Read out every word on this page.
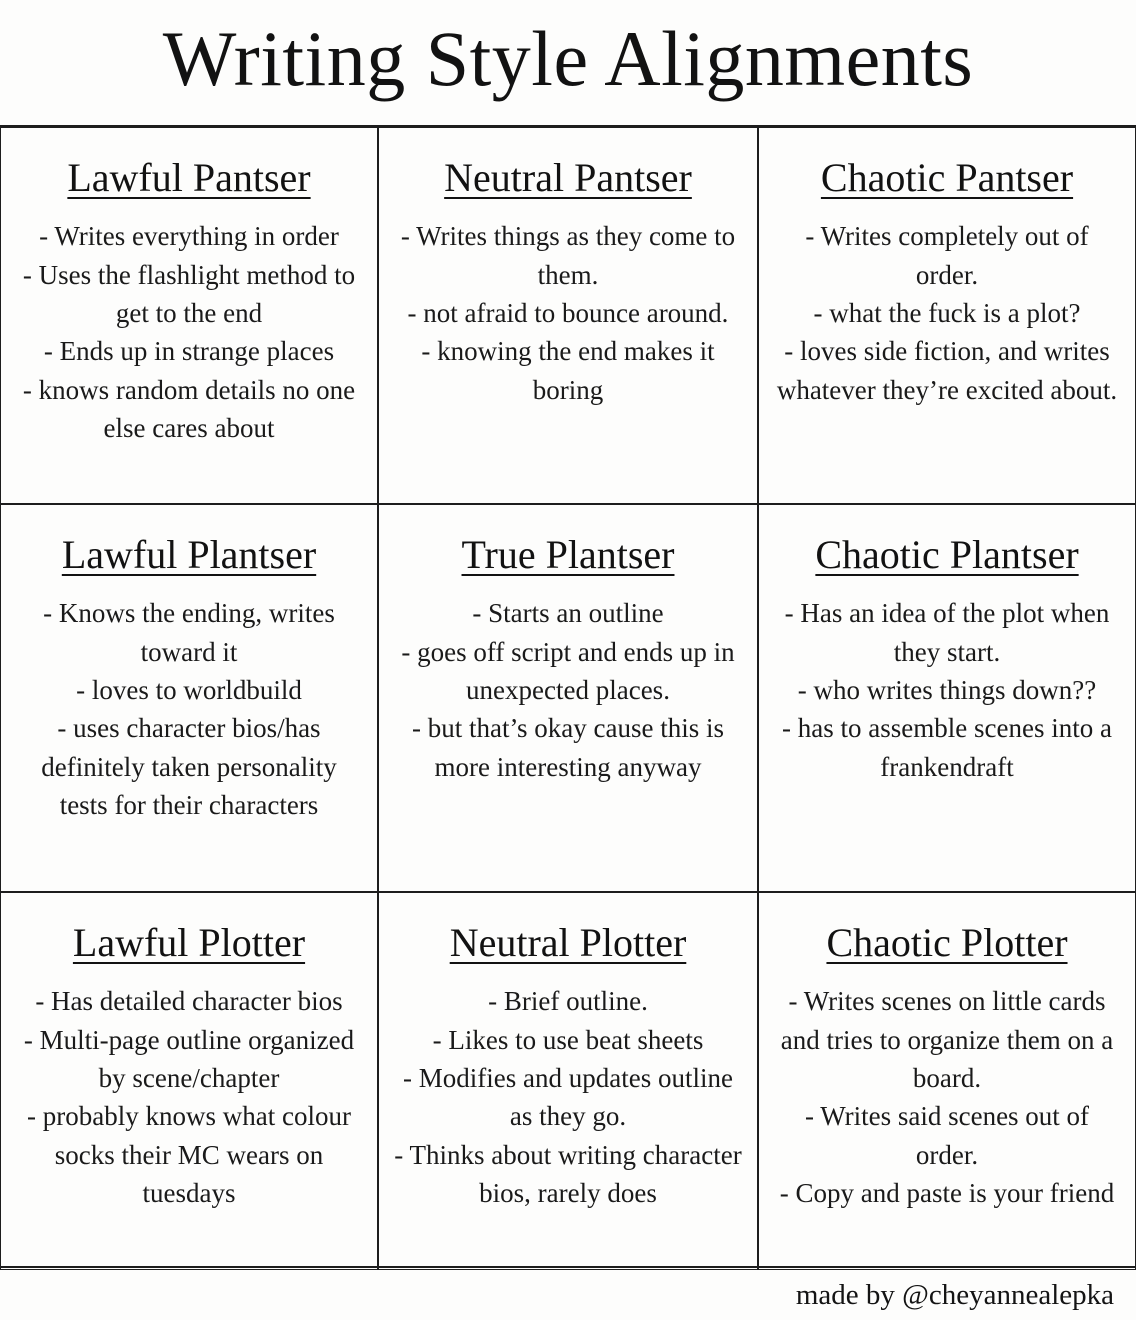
Writing Style Alignments
Lawful Pantser
- Writes everything in order
- Uses the flashlight method to get to the end
- Ends up in strange places
- knows random details no one else cares about
Neutral Pantser
- Writes things as they come to them.
- not afraid to bounce around.
- knowing the end makes it boring
Chaotic Pantser
- Writes completely out of order.
- what the fuck is a plot?
- loves side fiction, and writes whatever they’re excited about.
Lawful Plantser
- Knows the ending, writes toward it
- loves to worldbuild
- uses character bios/has definitely taken personality tests for their characters
True Plantser
- Starts an outline
- goes off script and ends up in unexpected places.
- but that’s okay cause this is more interesting anyway
Chaotic Plantser
- Has an idea of the plot when they start.
- who writes things down??
- has to assemble scenes into a frankendraft
Lawful Plotter
- Has detailed character bios
- Multi-page outline organized by scene/chapter
- probably knows what colour socks their MC wears on tuesdays
Neutral Plotter
- Brief outline.
- Likes to use beat sheets
- Modifies and updates outline as they go.
- Thinks about writing character bios, rarely does
Chaotic Plotter
- Writes scenes on little cards and tries to organize them on a board.
- Writes said scenes out of order.
- Copy and paste is your friend
made by @cheyannealepka
